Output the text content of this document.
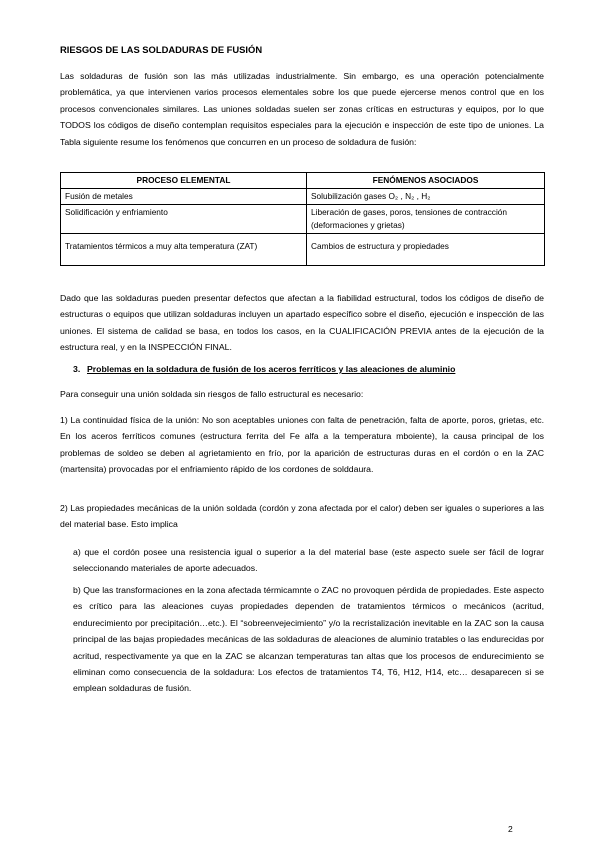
RIESGOS DE LAS SOLDADURAS DE FUSIÓN
Las soldaduras de fusión son las más utilizadas industrialmente. Sin embargo, es una operación potencialmente problemática, ya que intervienen varios procesos elementales sobre los que puede ejercerse menos control que en los procesos convencionales similares. Las uniones soldadas suelen ser zonas críticas en estructuras y equipos, por lo que TODOS los códigos de diseño contemplan requisitos especiales para la ejecución e inspección de este tipo de uniones. La Tabla siguiente resume los fenómenos que concurren en un proceso de soldadura de fusión:
PROCESO ELEMENTAL	FENÓMENOS ASOCIADOS
Fusión de metales	Solubilización gases O₂ , N₂ , H₂
Solidificación y enfriamiento	Liberación de gases, poros, tensiones de contracción (deformaciones y grietas)
Tratamientos térmicos a muy alta temperatura (ZAT)	Cambios de estructura y propiedades
Dado que las soldaduras pueden presentar defectos que afectan a la fiabilidad estructural, todos los códigos de diseño de estructuras o equipos que utilizan soldaduras incluyen un apartado específico sobre el diseño, ejecución e inspección de las uniones. El sistema de calidad se basa, en todos los casos, en la CUALIFICACIÓN PREVIA antes de la ejecución de la estructura real, y en la INSPECCIÓN FINAL.
3. Problemas en la soldadura de fusión de los aceros ferríticos y las aleaciones de aluminio
Para conseguir una unión soldada sin riesgos de fallo estructural es necesario:
1) La continuidad física de la unión: No son aceptables uniones con falta de penetración, falta de aporte, poros, grietas, etc. En los aceros ferríticos comunes (estructura ferrita del Fe alfa a la temperatura mboiente), la causa principal de los problemas de soldeo se deben al agrietamiento en frío, por la aparición de estructuras duras en el cordón o en la ZAC (martensita) provocadas por el enfriamiento rápido de los cordones de solddaura.
2) Las propiedades mecánicas de la unión soldada (cordón y zona afectada por el calor) deben ser iguales o superiores a las del material base. Esto implica
a) que el cordón posee una resistencia igual o superior a la del material base (este aspecto suele ser fácil de lograr seleccionando materiales de aporte adecuados.
b) Que las transformaciones en la zona afectada térmicamnte o ZAC no provoquen pérdida de propiedades. Este aspecto es crítico para las aleaciones cuyas propiedades dependen de tratamientos térmicos o mecánicos (acritud, endurecimiento por precipitación…etc.). El “sobreenvejecimiento” y/o la recristalización inevitable en la ZAC son la causa principal de las bajas propiedades mecánicas de las soldaduras de aleaciones de aluminio tratables o las endurecidas por acritud, respectivamente ya que en la ZAC se alcanzan temperaturas tan altas que los procesos de endurecimiento se eliminan como consecuencia de la soldadura: Los efectos de tratamientos T4, T6, H12, H14, etc… desaparecen si se emplean soldaduras de fusión.
2
